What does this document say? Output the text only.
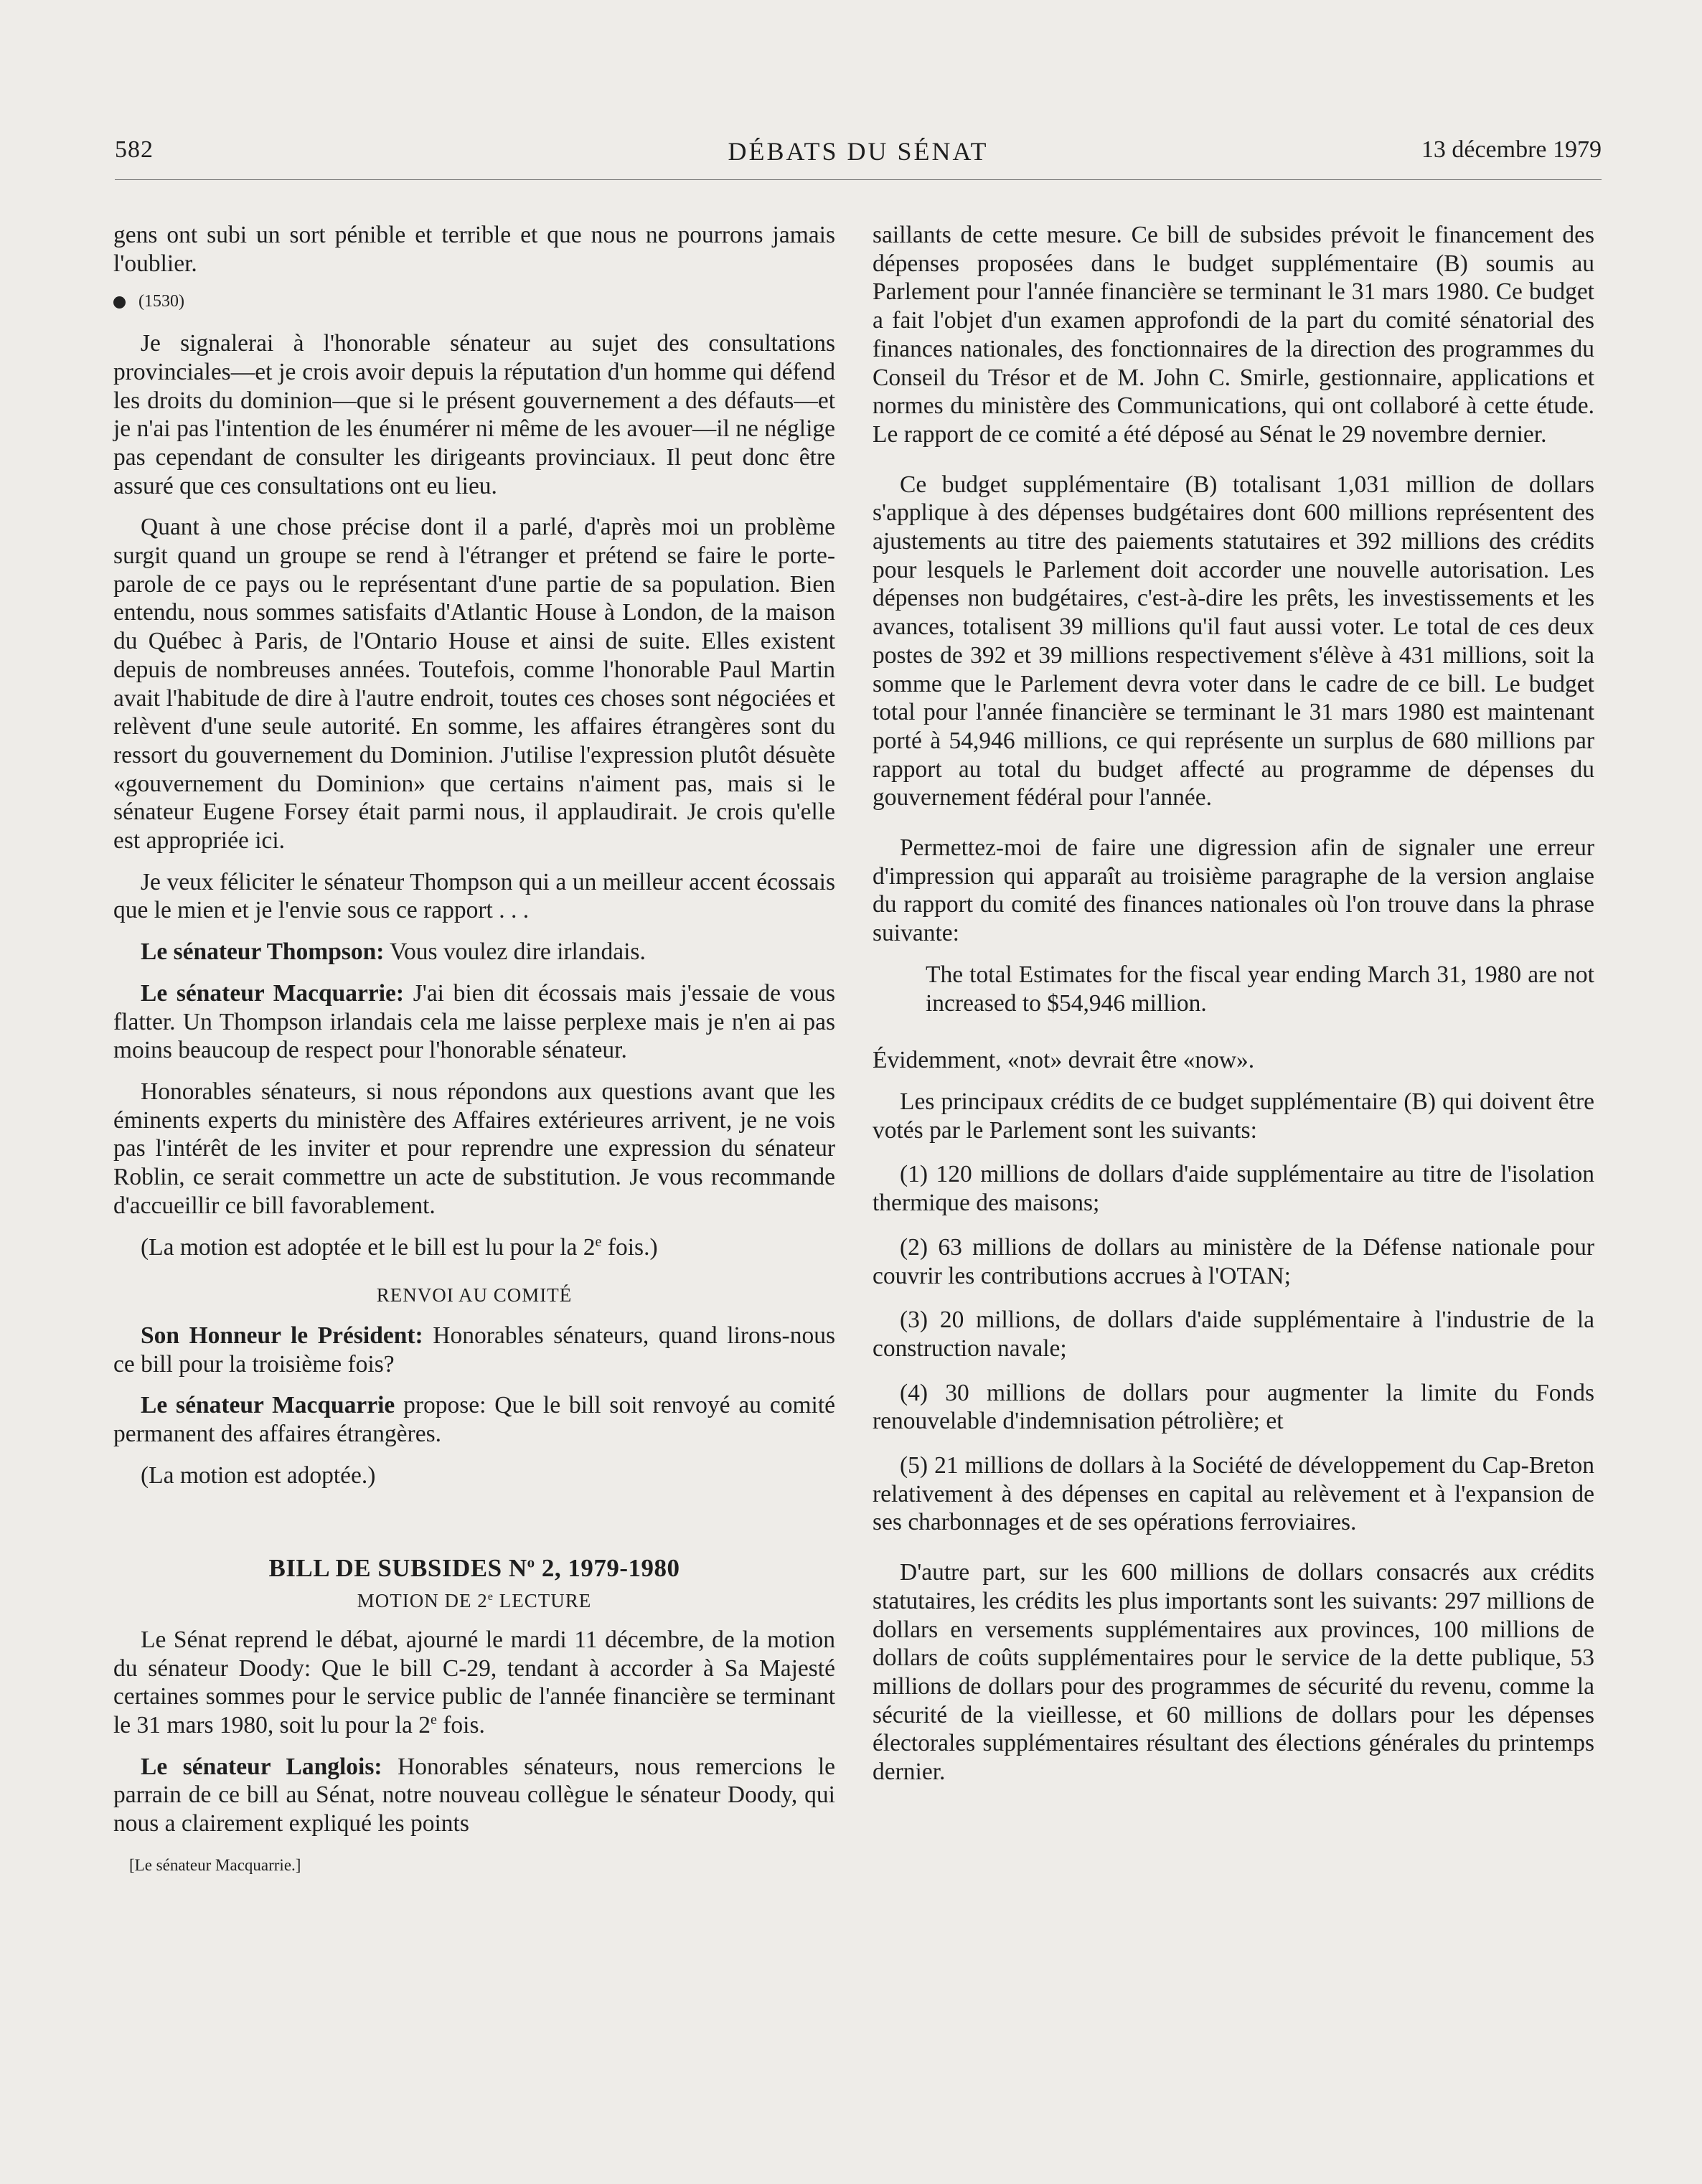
582	DÉBATS DU SÉNAT	13 décembre 1979

gens ont subi un sort pénible et terrible et que nous ne pourrons jamais l'oublier.

(1530)

Je signalerai à l'honorable sénateur au sujet des consultations provinciales—et je crois avoir depuis la réputation d'un homme qui défend les droits du dominion—que si le présent gouvernement a des défauts—et je n'ai pas l'intention de les énumérer ni même de les avouer—il ne néglige pas cependant de consulter les dirigeants provinciaux. Il peut donc être assuré que ces consultations ont eu lieu.

Quant à une chose précise dont il a parlé, d'après moi un problème surgit quand un groupe se rend à l'étranger et prétend se faire le porte-parole de ce pays ou le représentant d'une partie de sa population. Bien entendu, nous sommes satisfaits d'Atlantic House à London, de la maison du Québec à Paris, de l'Ontario House et ainsi de suite. Elles existent depuis de nombreuses années. Toutefois, comme l'honorable Paul Martin avait l'habitude de dire à l'autre endroit, toutes ces choses sont négociées et relèvent d'une seule autorité. En somme, les affaires étrangères sont du ressort du gouvernement du Dominion. J'utilise l'expression plutôt désuète «gouvernement du Dominion» que certains n'aiment pas, mais si le sénateur Eugene Forsey était parmi nous, il applaudirait. Je crois qu'elle est appropriée ici.

Je veux féliciter le sénateur Thompson qui a un meilleur accent écossais que le mien et je l'envie sous ce rapport . . .

Le sénateur Thompson: Vous voulez dire irlandais.

Le sénateur Macquarrie: J'ai bien dit écossais mais j'essaie de vous flatter. Un Thompson irlandais cela me laisse perplexe mais je n'en ai pas moins beaucoup de respect pour l'honorable sénateur.

Honorables sénateurs, si nous répondons aux questions avant que les éminents experts du ministère des Affaires extérieures arrivent, je ne vois pas l'intérêt de les inviter et pour reprendre une expression du sénateur Roblin, ce serait commettre un acte de substitution. Je vous recommande d'accueillir ce bill favorablement.

(La motion est adoptée et le bill est lu pour la 2e fois.)

RENVOI AU COMITÉ

Son Honneur le Président: Honorables sénateurs, quand lirons-nous ce bill pour la troisième fois?

Le sénateur Macquarrie propose: Que le bill soit renvoyé au comité permanent des affaires étrangères.

(La motion est adoptée.)

BILL DE SUBSIDES $N^o$ 2, 1979-1980
MOTION DE 2e LECTURE

Le Sénat reprend le débat, ajourné le mardi 11 décembre, de la motion du sénateur Doody: Que le bill C-29, tendant à accorder à Sa Majesté certaines sommes pour le service public de l'année financière se terminant le 31 mars 1980, soit lu pour la 2e fois.

Le sénateur Langlois: Honorables sénateurs, nous remercions le parrain de ce bill au Sénat, notre nouveau collègue le sénateur Doody, qui nous a clairement expliqué les points

[Le sénateur Macquarrie.]

saillants de cette mesure. Ce bill de subsides prévoit le financement des dépenses proposées dans le budget supplémentaire (B) soumis au Parlement pour l'année financière se terminant le 31 mars 1980. Ce budget a fait l'objet d'un examen approfondi de la part du comité sénatorial des finances nationales, des fonctionnaires de la direction des programmes du Conseil du Trésor et de M. John C. Smirle, gestionnaire, applications et normes du ministère des Communications, qui ont collaboré à cette étude. Le rapport de ce comité a été déposé au Sénat le 29 novembre dernier.

Ce budget supplémentaire (B) totalisant 1,031 million de dollars s'applique à des dépenses budgétaires dont 600 millions représentent des ajustements au titre des paiements statutaires et 392 millions des crédits pour lesquels le Parlement doit accorder une nouvelle autorisation. Les dépenses non budgétaires, c'est-à-dire les prêts, les investissements et les avances, totalisent 39 millions qu'il faut aussi voter. Le total de ces deux postes de 392 et 39 millions respectivement s'élève à 431 millions, soit la somme que le Parlement devra voter dans le cadre de ce bill. Le budget total pour l'année financière se terminant le 31 mars 1980 est maintenant porté à 54,946 millions, ce qui représente un surplus de 680 millions par rapport au total du budget affecté au programme de dépenses du gouvernement fédéral pour l'année.

Permettez-moi de faire une digression afin de signaler une erreur d'impression qui apparaît au troisième paragraphe de la version anglaise du rapport du comité des finances nationales où l'on trouve dans la phrase suivante:

The total Estimates for the fiscal year ending March 31, 1980 are not increased to $54,946 million.

Évidemment, «not» devrait être «now».

Les principaux crédits de ce budget supplémentaire (B) qui doivent être votés par le Parlement sont les suivants:

(1) 120 millions de dollars d'aide supplémentaire au titre de l'isolation thermique des maisons;

(2) 63 millions de dollars au ministère de la Défense nationale pour couvrir les contributions accrues à l'OTAN;

(3) 20 millions, de dollars d'aide supplémentaire à l'industrie de la construction navale;

(4) 30 millions de dollars pour augmenter la limite du Fonds renouvelable d'indemnisation pétrolière; et

(5) 21 millions de dollars à la Société de développement du Cap-Breton relativement à des dépenses en capital au relèvement et à l'expansion de ses charbonnages et de ses opérations ferroviaires.

D'autre part, sur les 600 millions de dollars consacrés aux crédits statutaires, les crédits les plus importants sont les suivants: 297 millions de dollars en versements supplémentaires aux provinces, 100 millions de dollars de coûts supplémentaires pour le service de la dette publique, 53 millions de dollars pour des programmes de sécurité du revenu, comme la sécurité de la vieillesse, et 60 millions de dollars pour les dépenses électorales supplémentaires résultant des élections générales du printemps dernier.
